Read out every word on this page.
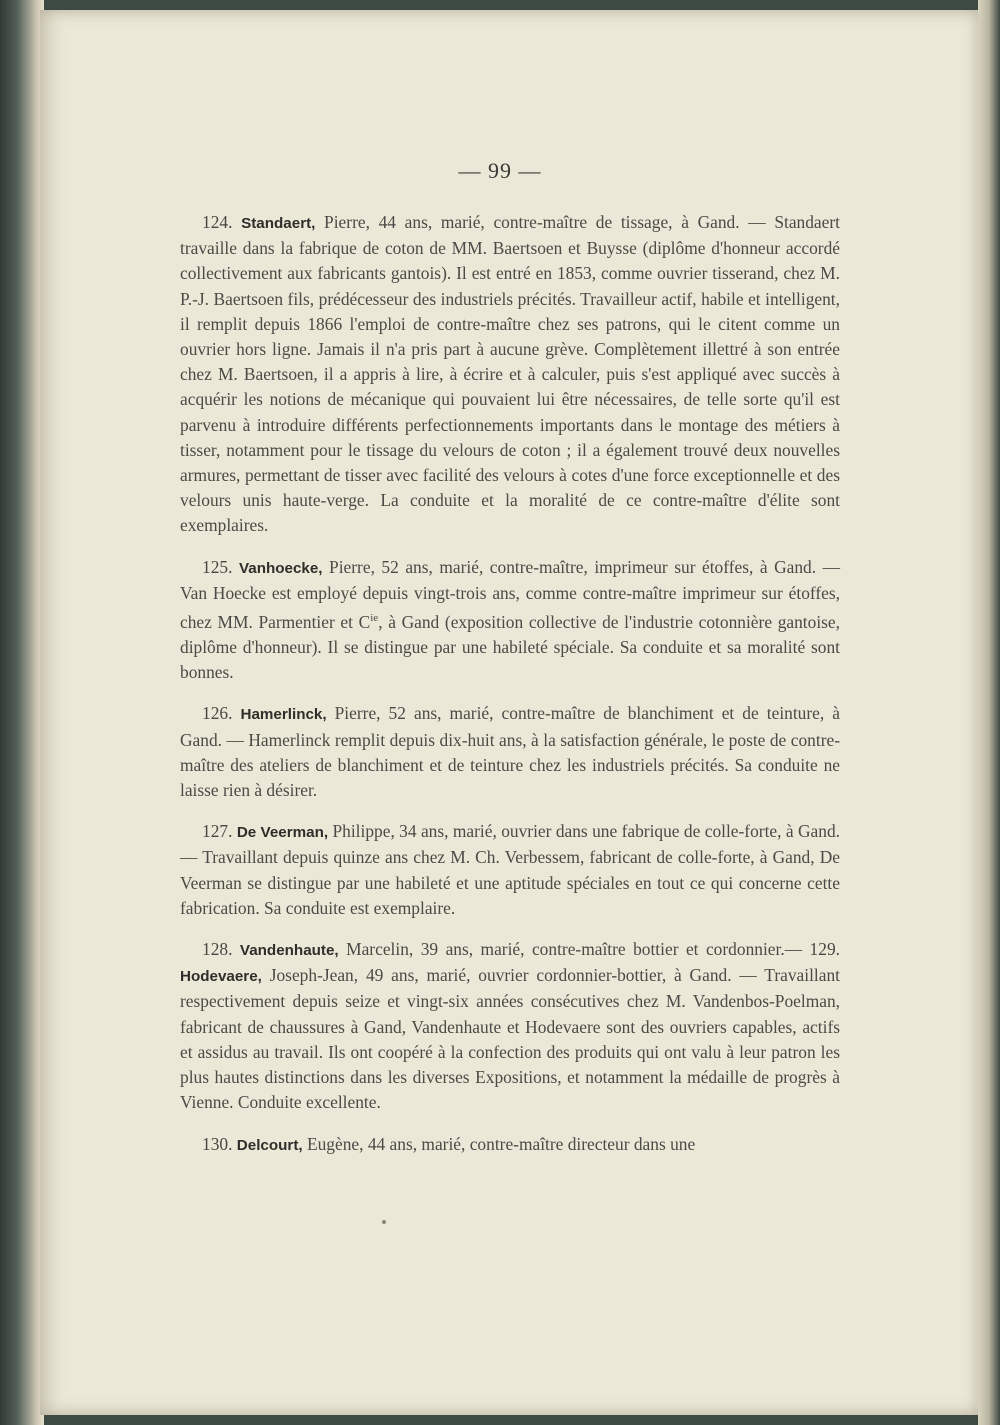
— 99 —

124. Standaert, Pierre, 44 ans, marié, contre-maître de tissage, à Gand. — Standaert travaille dans la fabrique de coton de MM. Baertsoen et Buysse (diplôme d'honneur accordé collectivement aux fabricants gantois). Il est entré en 1853, comme ouvrier tisserand, chez M. P.-J. Baertsoen fils, prédécesseur des industriels précités. Travailleur actif, habile et intelligent, il remplit depuis 1866 l'emploi de contre-maître chez ses patrons, qui le citent comme un ouvrier hors ligne. Jamais il n'a pris part à aucune grève. Complètement illettré à son entrée chez M. Baertsoen, il a appris à lire, à écrire et à calculer, puis s'est appliqué avec succès à acquérir les notions de mécanique qui pouvaient lui être nécessaires, de telle sorte qu'il est parvenu à introduire différents perfectionnements importants dans le montage des métiers à tisser, notamment pour le tissage du velours de coton ; il a également trouvé deux nouvelles armures, permettant de tisser avec facilité des velours à cotes d'une force exceptionnelle et des velours unis haute-verge. La conduite et la moralité de ce contre-maître d'élite sont exemplaires.

125. Vanhoecke, Pierre, 52 ans, marié, contre-maître, imprimeur sur étoffes, à Gand. — Van Hoecke est employé depuis vingt-trois ans, comme contre-maître imprimeur sur étoffes, chez MM. Parmentier et $C^{ie}$, à Gand (exposition collective de l'industrie cotonnière gantoise, diplôme d'honneur). Il se distingue par une habileté spéciale. Sa conduite et sa moralité sont bonnes.

126. Hamerlinck, Pierre, 52 ans, marié, contre-maître de blanchiment et de teinture, à Gand. — Hamerlinck remplit depuis dix-huit ans, à la satisfaction générale, le poste de contre-maître des ateliers de blanchiment et de teinture chez les industriels précités. Sa conduite ne laisse rien à désirer.

127. De Veerman, Philippe, 34 ans, marié, ouvrier dans une fabrique de colle-forte, à Gand. — Travaillant depuis quinze ans chez M. Ch. Verbessem, fabricant de colle-forte, à Gand, De Veerman se distingue par une habileté et une aptitude spéciales en tout ce qui concerne cette fabrication. Sa conduite est exemplaire.

128. Vandenhaute, Marcelin, 39 ans, marié, contre-maître bottier et cordonnier.— 129. Hodevaere, Joseph-Jean, 49 ans, marié, ouvrier cordonnier-bottier, à Gand. — Travaillant respectivement depuis seize et vingt-six années consécutives chez M. Vandenbos-Poelman, fabricant de chaussures à Gand, Vandenhaute et Hodevaere sont des ouvriers capables, actifs et assidus au travail. Ils ont coopéré à la confection des produits qui ont valu à leur patron les plus hautes distinctions dans les diverses Expositions, et notamment la médaille de progrès à Vienne. Conduite excellente.

130. Delcourt, Eugène, 44 ans, marié, contre-maître directeur dans une
